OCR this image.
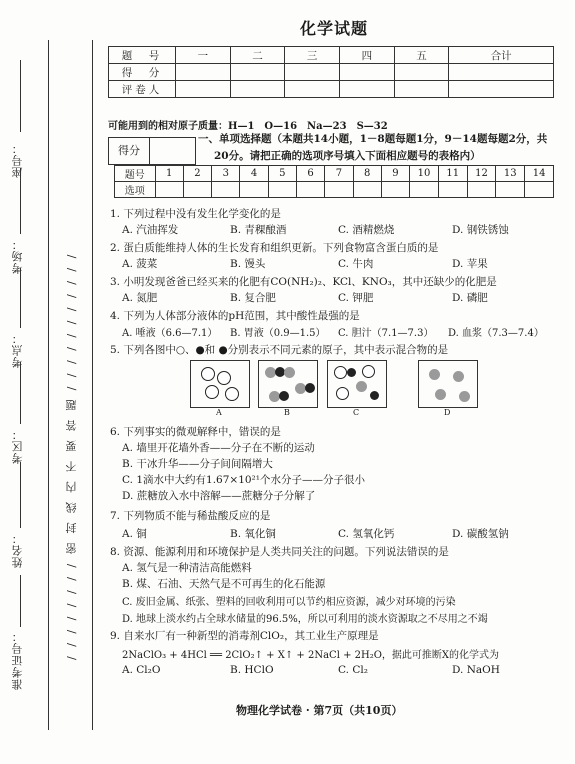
座号：
考场：
考点：
考区：
姓名：
准考证号：	/ / / / / / / / 密 封 线 内 不 要 答 题 / / / / / / / / / / /
化学试题
题　号	一	二	三	四	五	合计
得　分						
评卷人						
可能用到的相对原子质量：H—1　O—16　Na—23　S—32
得分
一、单项选择题（本题共14小题，1－8题每题1分，9－14题每题2分，共
20分。请把正确的选项序号填入下面相应题号的表格内）
题号	1	2	3	4	5	6	7	8	9	10	11	12	13	14
选项														
1. 下列过程中没有发生化学变化的是
A. 汽油挥发	B. 青稞酿酒	C. 酒精燃烧	D. 钢铁锈蚀
2. 蛋白质能维持人体的生长发育和组织更新。下列食物富含蛋白质的是
A. 菠菜	B. 馒头	C. 牛肉	D. 苹果
3. 小明发现爸爸已经买来的化肥有CO(NH₂)₂、KCl、KNO₃，其中还缺少的化肥是
A. 氮肥	B. 复合肥	C. 钾肥	D. 磷肥
4. 下列为人体部分液体的pH范围，其中酸性最强的是
A. 唾液（6.6—7.1） B. 胃液（0.9—1.5） C. 胆汁（7.1—7.3） D. 血浆（7.3—7.4）
5. 下列各图中○、●和 ●分别表示不同元素的原子，其中表示混合物的是
A	B	C	D
6. 下列事实的微观解释中，错误的是
A. 墙里开花墙外香——分子在不断的运动
B. 干冰升华——分子间间隔增大
C. 1滴水中大约有1.67×10²¹个水分子——分子很小
D. 蔗糖放入水中溶解——蔗糖分子分解了
7. 下列物质不能与稀盐酸反应的是
A. 铜	B. 氧化铜	C. 氢氧化钙	D. 碳酸氢钠
8. 资源、能源利用和环境保护是人类共同关注的问题。下列说法错误的是
A. 氢气是一种清洁高能燃料
B. 煤、石油、天然气是不可再生的化石能源
C. 废旧金属、纸张、塑料的回收利用可以节约相应资源，减少对环境的污染
D. 地球上淡水约占全球水储量的96.5%，所以可利用的淡水资源取之不尽用之不竭
9. 自来水厂有一种新型的消毒剂ClO₂，其工业生产原理是
2NaClO₃ + 4HCl ══ 2ClO₂↑ + X↑ + 2NaCl + 2H₂O，据此可推断X的化学式为
A. Cl₂O	B. HClO	C. Cl₂	D. NaOH
物理化学试卷 · 第7页（共10页）
